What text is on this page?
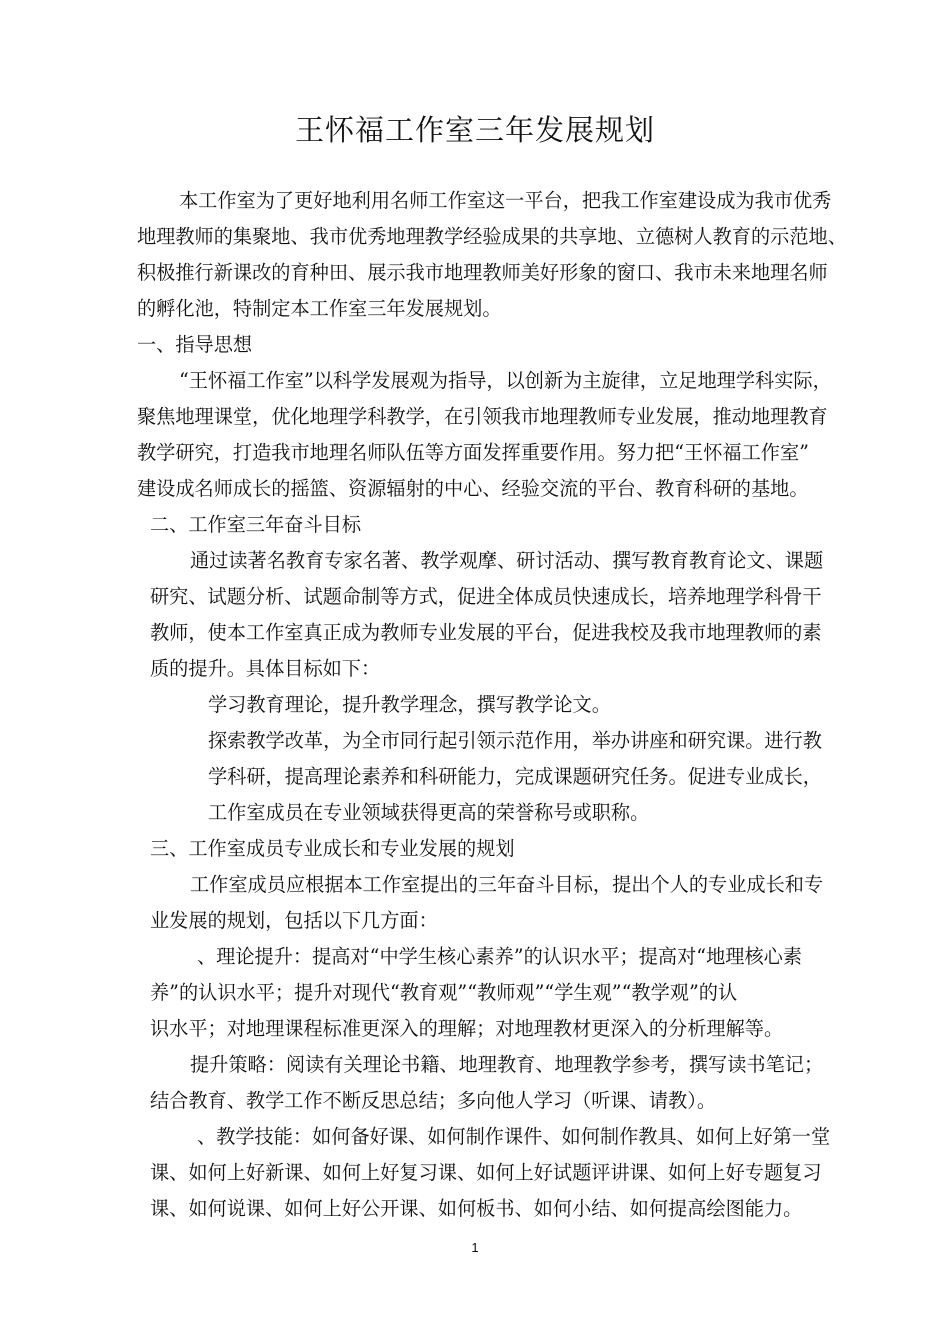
王怀福工作室三年发展规划
本工作室为了更好地利用名师工作室这一平台，把我工作室建设成为我市优秀
地理教师的集聚地、我市优秀地理教学经验成果的共享地、立德树人教育的示范地、
积极推行新课改的育种田、展示我市地理教师美好形象的窗口、我市未来地理名师
的孵化池，特制定本工作室三年发展规划。
一、指导思想
“王怀福工作室”以科学发展观为指导，以创新为主旋律，立足地理学科实际，
聚焦地理课堂，优化地理学科教学，在引领我市地理教师专业发展，推动地理教育
教学研究，打造我市地理名师队伍等方面发挥重要作用。努力把“王怀福工作室”
建设成名师成长的摇篮、资源辐射的中心、经验交流的平台、教育科研的基地。
二、工作室三年奋斗目标
通过读著名教育专家名著、教学观摩、研讨活动、撰写教育教育论文、课题
研究、试题分析、试题命制等方式，促进全体成员快速成长，培养地理学科骨干
教师，使本工作室真正成为教师专业发展的平台，促进我校及我市地理教师的素
质的提升。具体目标如下：
学习教育理论，提升教学理念，撰写教学论文。
探索教学改革，为全市同行起引领示范作用，举办讲座和研究课。进行教
学科研，提高理论素养和科研能力，完成课题研究任务。促进专业成长，
工作室成员在专业领域获得更高的荣誉称号或职称。
三、工作室成员专业成长和专业发展的规划
工作室成员应根据本工作室提出的三年奋斗目标，提出个人的专业成长和专
业发展的规划，包括以下几方面：
、理论提升：提高对“中学生核心素养”的认识水平；提高对“地理核心素
养”的认识水平；提升对现代“教育观”“教师观”“学生观”“教学观”的认
识水平；对地理课程标准更深入的理解；对地理教材更深入的分析理解等。
提升策略：阅读有关理论书籍、地理教育、地理教学参考，撰写读书笔记；
结合教育、教学工作不断反思总结；多向他人学习（听课、请教）。
、教学技能：如何备好课、如何制作课件、如何制作教具、如何上好第一堂
课、如何上好新课、如何上好复习课、如何上好试题评讲课、如何上好专题复习
课、如何说课、如何上好公开课、如何板书、如何小结、如何提高绘图能力。
1
